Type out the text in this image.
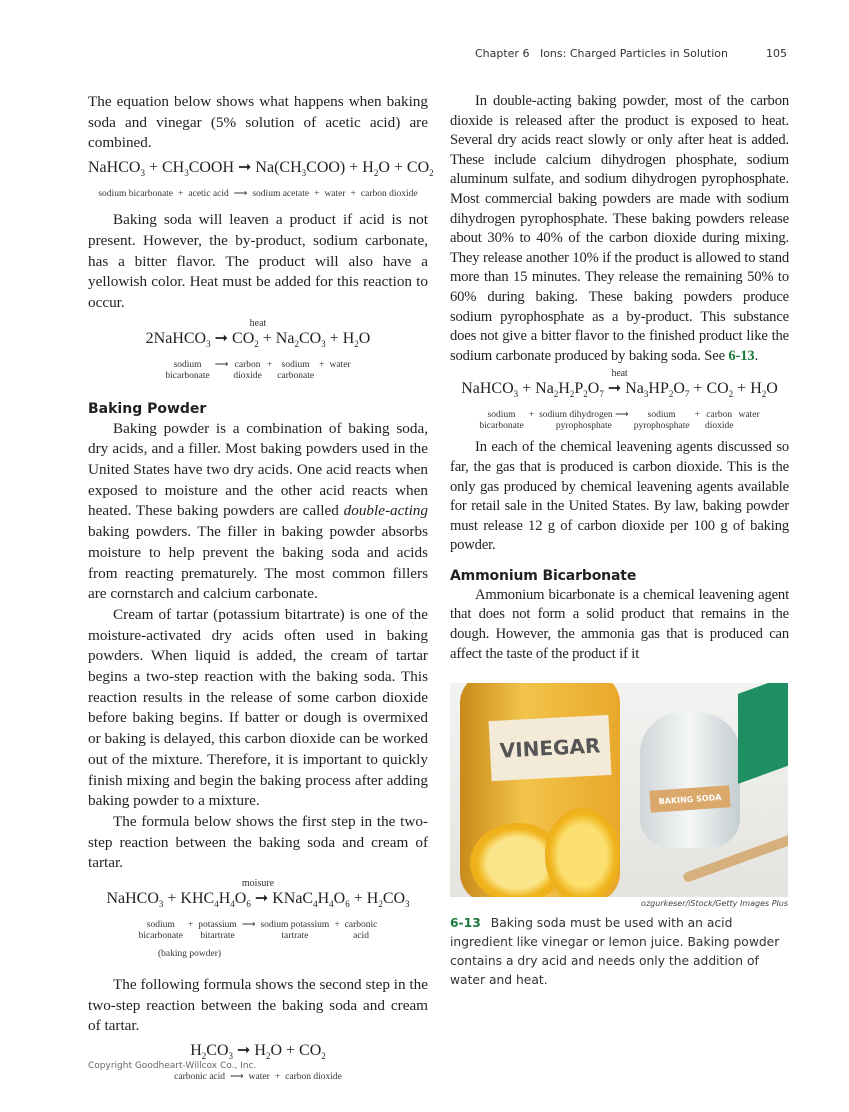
Chapter 6 Ions: Charged Particles in Solution	105

The equation below shows what happens when baking soda and vinegar (5% solution of acetic acid) are combined.

NaHCO$_3$ + $CH_3COOH$ ➞ $Na(CH_3COO) + H_2O + CO_2$
sodium bicarbonate + acetic acid ⟶ sodium acetate + water + carbon dioxide

Baking soda will leaven a product if acid is not present. However, the by-product, sodium carbonate, has a bitter flavor. The product will also have a yellowish color. Heat must be added for this reaction to occur.

heat
2NaHCO$_3$ ➞ $CO_2 + Na_2CO_3 + H_2O$
sodium
bicarbonate
⟶ carbon
dioxide
+ sodium
carbonate
+ water
Baking Powder

Baking powder is a combination of baking soda, dry acids, and a filler. Most baking powders used in the United States have two dry acids. One acid reacts when exposed to moisture and the other acid reacts when heated. These baking powders are called double-acting baking powders. The filler in baking powder absorbs moisture to help prevent the baking soda and acids from reacting prematurely. The most common fillers are cornstarch and calcium carbonate.

Cream of tartar (potassium bitartrate) is one of the moisture-activated dry acids often used in baking powders. When liquid is added, the cream of tartar begins a two-step reaction with the baking soda. This reaction results in the release of some carbon dioxide before baking begins. If batter or dough is overmixed or baking is delayed, this carbon dioxide can be worked out of the mixture. Therefore, it is important to quickly finish mixing and begin the baking process after adding baking powder to a mixture.

The formula below shows the first step in the two-step reaction between the baking soda and cream of tartar.

moisure
NaHCO$_3$ + $KHC_4H_4O_6$ ➞ $KNaC_4H_4O_6 + H_2CO_3$
sodium
bicarbonate
+ potassium
bitartrate
⟶ sodium potassium
tartrate
+ carbonic
acid
(baking powder)

The following formula shows the second step in the two-step reaction between the baking soda and cream of tartar.

$H_2CO_3$ ➞ $H_2O + CO_2$
carbonic acid ⟶ water + carbon dioxide

In double-acting baking powder, most of the carbon dioxide is released after the product is exposed to heat. Several dry acids react slowly or only after heat is added. These include calcium dihydrogen phosphate, sodium aluminum sulfate, and sodium dihydrogen pyrophosphate. Most commercial baking powders are made with sodium dihydrogen pyrophosphate. These baking powders release about 30% to 40% of the carbon dioxide during mixing. They release another 10% if the product is allowed to stand more than 15 minutes. They release the remaining 50% to 60% during baking. These baking powders produce sodium pyrophosphate as a by-product. This substance does not give a bitter flavor to the finished product like the sodium carbonate produced by baking soda. See 6-13.

heat
NaHCO$_3$ + $Na_2H_2P_2O_7$ ➞ $Na_3HP_2O_7 + CO_2 + H_2O$
sodium
bicarbonate
+ sodium dihydrogen ⟶
pyrophosphate
sodium
pyrophosphate
+ carbon
dioxide
water

In each of the chemical leavening agents discussed so far, the gas that is produced is carbon dioxide. This is the only gas produced by chemical leavening agents available for retail sale in the United States. By law, baking powder must release 12 g of carbon dioxide per 100 g of baking powder.

Ammonium Bicarbonate

Ammonium bicarbonate is a chemical leavening agent that does not form a solid product that remains in the dough. However, the ammonia gas that is produced can affect the taste of the product if it

VINEGAR
BAKING SODA
ozgurkeser/iStock/Getty Images Plus
6-13 Baking soda must be used with an acid ingredient like vinegar or lemon juice. Baking powder contains a dry acid and needs only the addition of water and heat.
Copyright Goodheart-Willcox Co., Inc.
